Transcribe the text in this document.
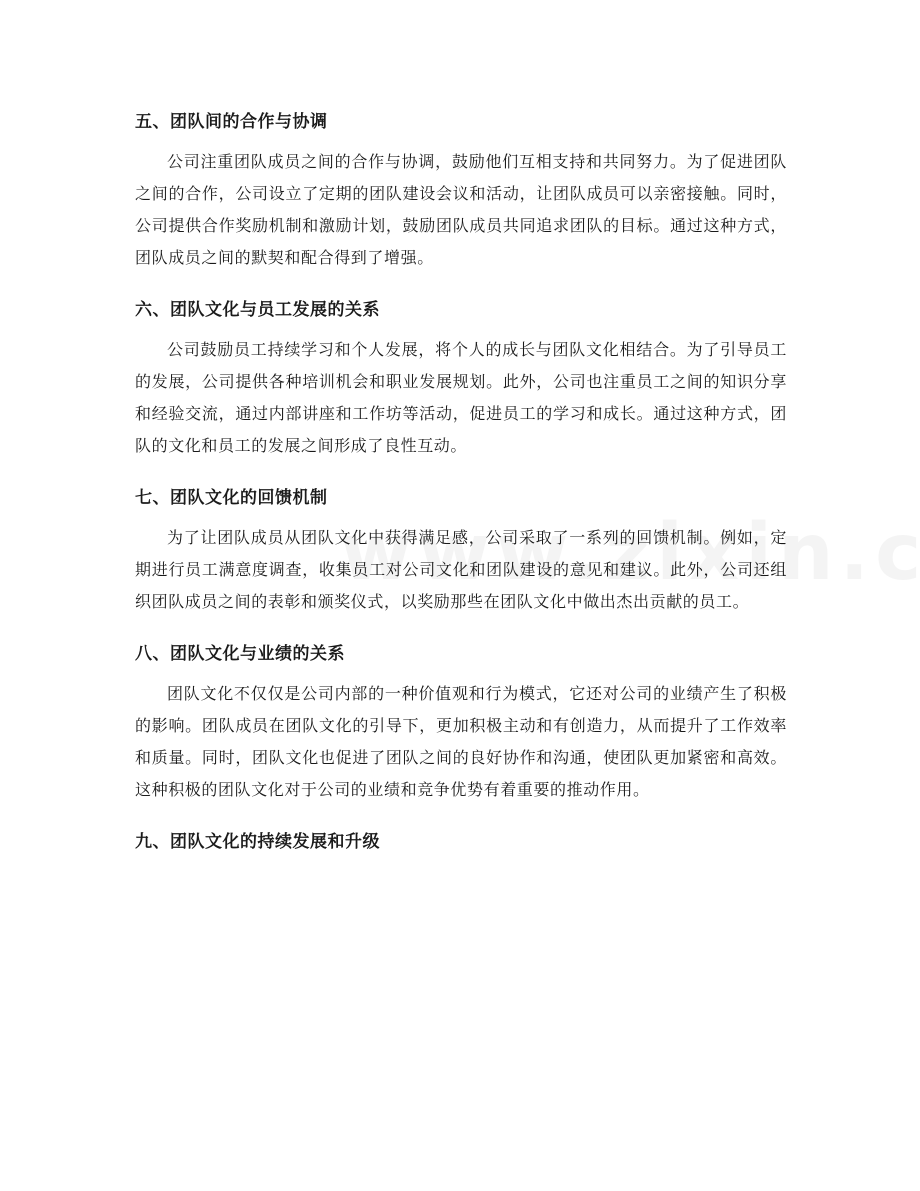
五、团队间的合作与协调

公司注重团队成员之间的合作与协调，鼓励他们互相支持和共同努力。为了促进团队之间的合作，公司设立了定期的团队建设会议和活动，让团队成员可以亲密接触。同时，公司提供合作奖励机制和激励计划，鼓励团队成员共同追求团队的目标。通过这种方式，团队成员之间的默契和配合得到了增强。

六、团队文化与员工发展的关系

公司鼓励员工持续学习和个人发展，将个人的成长与团队文化相结合。为了引导员工的发展，公司提供各种培训机会和职业发展规划。此外，公司也注重员工之间的知识分享和经验交流，通过内部讲座和工作坊等活动，促进员工的学习和成长。通过这种方式，团队的文化和员工的发展之间形成了良性互动。

七、团队文化的回馈机制

为了让团队成员从团队文化中获得满足感，公司采取了一系列的回馈机制。例如，定期进行员工满意度调查，收集员工对公司文化和团队建设的意见和建议。此外，公司还组织团队成员之间的表彰和颁奖仪式，以奖励那些在团队文化中做出杰出贡献的员工。

八、团队文化与业绩的关系

团队文化不仅仅是公司内部的一种价值观和行为模式，它还对公司的业绩产生了积极的影响。团队成员在团队文化的引导下，更加积极主动和有创造力，从而提升了工作效率和质量。同时，团队文化也促进了团队之间的良好协作和沟通，使团队更加紧密和高效。这种积极的团队文化对于公司的业绩和竞争优势有着重要的推动作用。

九、团队文化的持续发展和升级
